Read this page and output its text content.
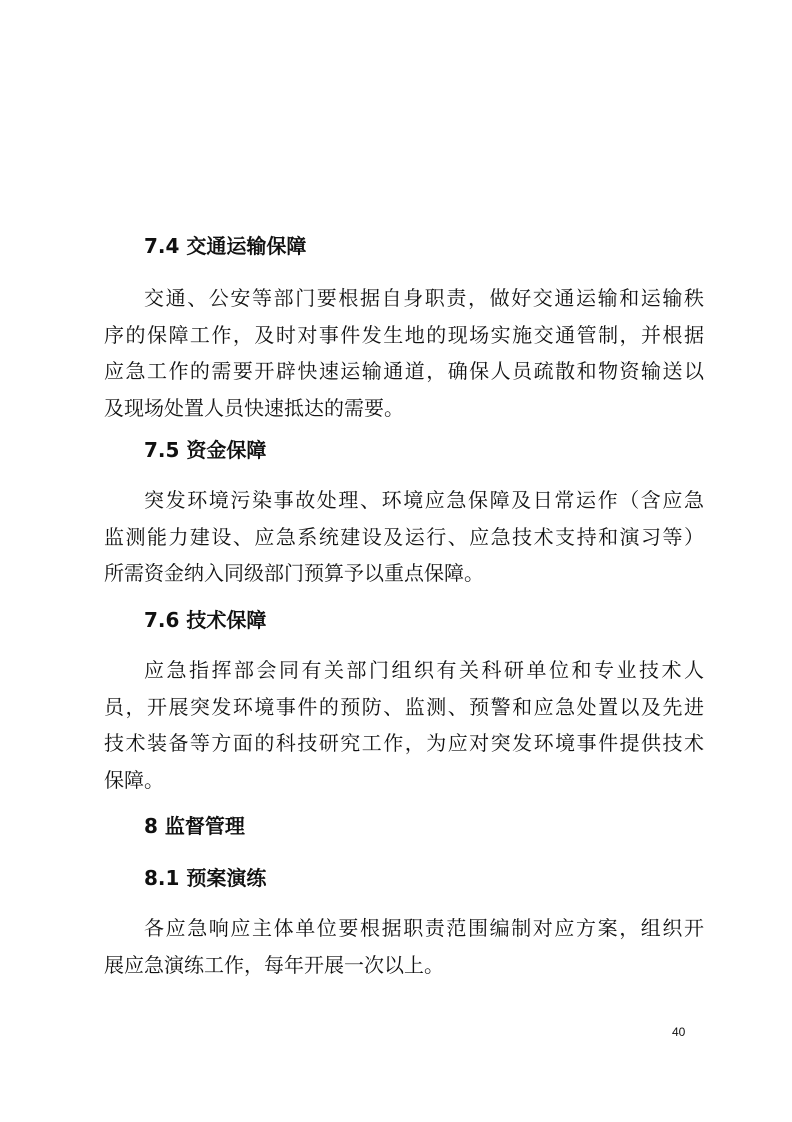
7.4 交通运输保障
交通、公安等部门要根据自身职责，做好交通运输和运输秩
序的保障工作，及时对事件发生地的现场实施交通管制，并根据
应急工作的需要开辟快速运输通道，确保人员疏散和物资输送以
及现场处置人员快速抵达的需要。
7.5 资金保障
突发环境污染事故处理、环境应急保障及日常运作（含应急
监测能力建设、应急系统建设及运行、应急技术支持和演习等）
所需资金纳入同级部门预算予以重点保障。
7.6 技术保障
应急指挥部会同有关部门组织有关科研单位和专业技术人
员，开展突发环境事件的预防、监测、预警和应急处置以及先进
技术装备等方面的科技研究工作，为应对突发环境事件提供技术
保障。
8 监督管理
8.1 预案演练
各应急响应主体单位要根据职责范围编制对应方案，组织开
展应急演练工作，每年开展一次以上。
40
